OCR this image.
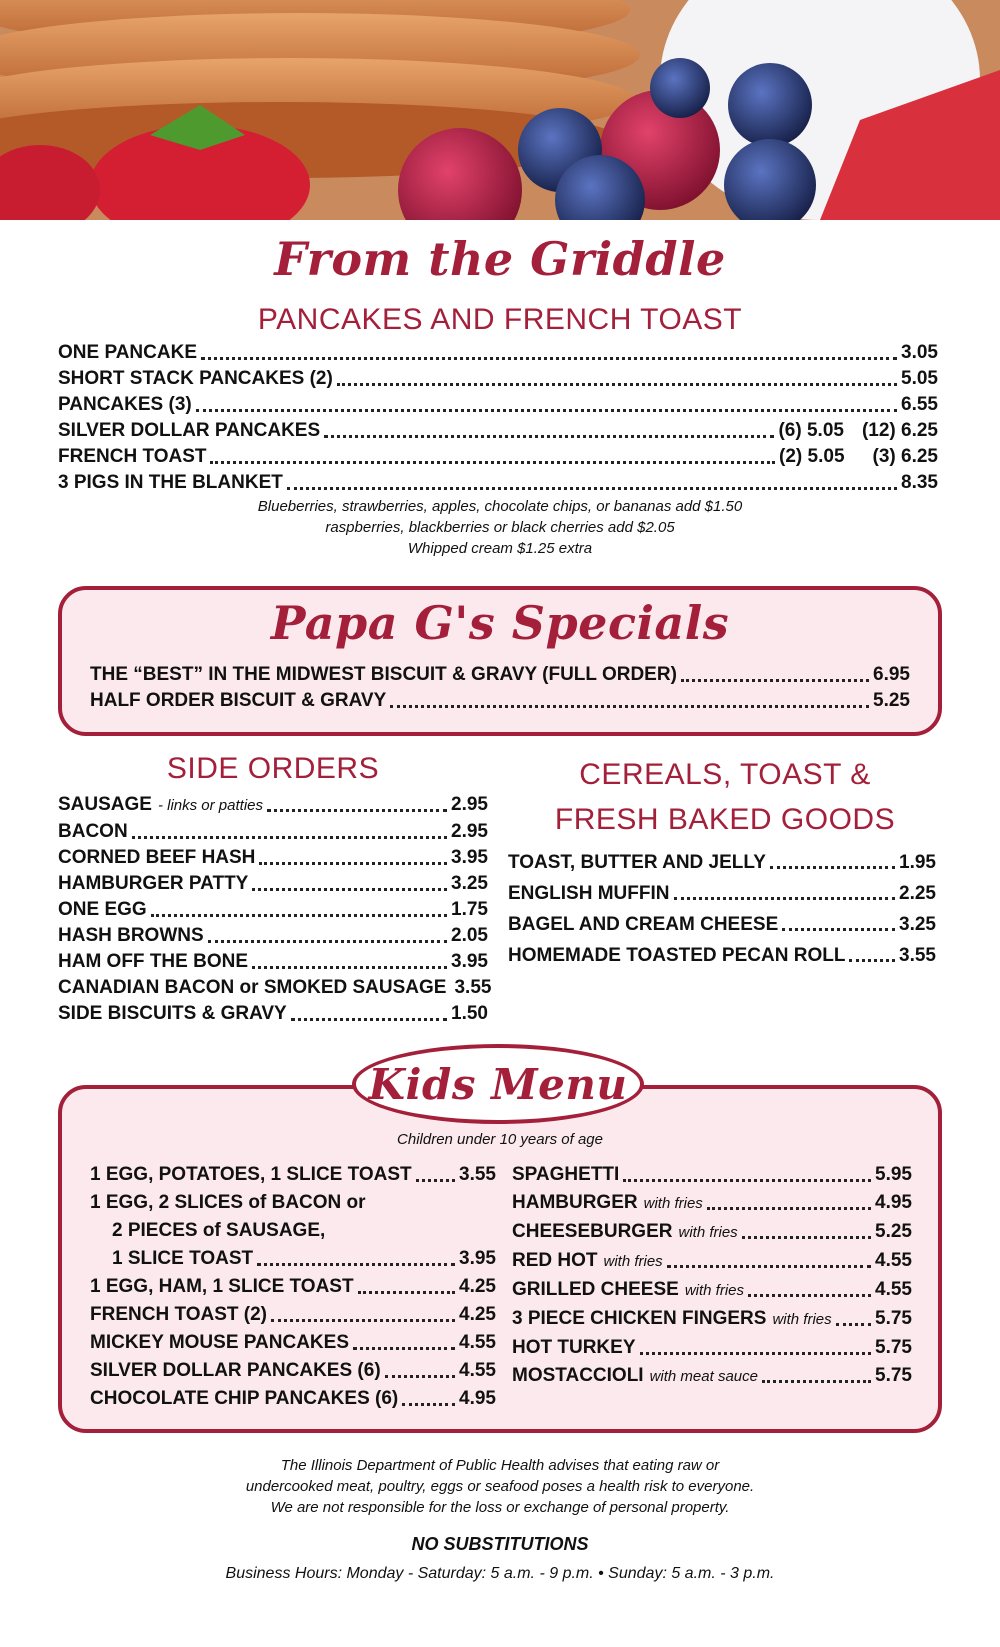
From the Griddle
PANCAKES AND FRENCH TOAST
ONE PANCAKE	3.05
SHORT STACK PANCAKES (2)	5.05
PANCAKES (3)	6.55
SILVER DOLLAR PANCAKES	(6) 5.05 (12) 6.25
FRENCH TOAST	(2) 5.05 (3) 6.25
3 PIGS IN THE BLANKET	8.35
Blueberries, strawberries, apples, chocolate chips, or bananas add $1.50
raspberries, blackberries or black cherries add $2.05
Whipped cream $1.25 extra
Papa G's Specials
THE “BEST” IN THE MIDWEST BISCUIT & GRAVY (FULL ORDER)	6.95
HALF ORDER BISCUIT & GRAVY	5.25
SIDE ORDERS
SAUSAGE - links or patties	2.95
BACON	2.95
CORNED BEEF HASH	3.95
HAMBURGER PATTY	3.25
ONE EGG	1.75
HASH BROWNS	2.05
HAM OFF THE BONE	3.95
CANADIAN BACON or SMOKED SAUSAGE 3.55
SIDE BISCUITS & GRAVY	1.50
CEREALS, TOAST &
FRESH BAKED GOODS
TOAST, BUTTER AND JELLY	1.95
ENGLISH MUFFIN	2.25
BAGEL AND CREAM CHEESE	3.25
HOMEMADE TOASTED PECAN ROLL	3.55
Children under 10 years of age
1 EGG, POTATOES, 1 SLICE TOAST 3.55
1 EGG, 2 SLICES of BACON or
2 PIECES of SAUSAGE,
1 SLICE TOAST	3.95
1 EGG, HAM, 1 SLICE TOAST	4.25
FRENCH TOAST (2)	4.25
MICKEY MOUSE PANCAKES	4.55
SILVER DOLLAR PANCAKES (6)	4.55
CHOCOLATE CHIP PANCAKES (6)	4.95
SPAGHETTI	5.95
HAMBURGER with fries	4.95
CHEESEBURGER with fries	5.25
RED HOT with fries	4.55
GRILLED CHEESE with fries	4.55
3 PIECE CHICKEN FINGERS with fries 5.75
HOT TURKEY	5.75
MOSTACCIOLI with meat sauce	5.75
Kids Menu
The Illinois Department of Public Health advises that eating raw or
undercooked meat, poultry, eggs or seafood poses a health risk to everyone.
We are not responsible for the loss or exchange of personal property.
NO SUBSTITUTIONS
Business Hours: Monday - Saturday: 5 a.m. - 9 p.m. • Sunday: 5 a.m. - 3 p.m.
